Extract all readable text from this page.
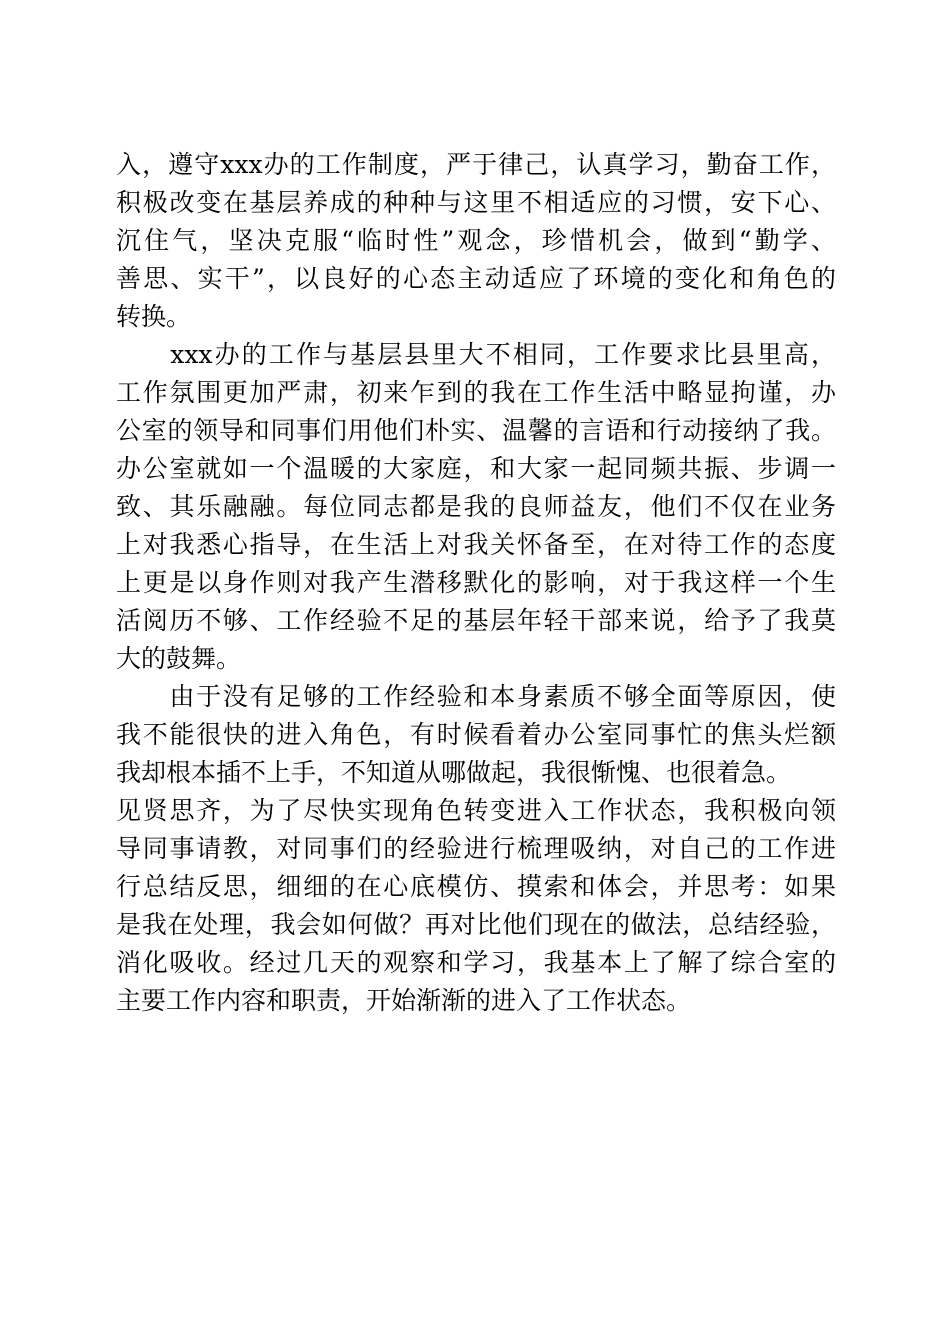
入，遵守xxx办的工作制度，严于律己，认真学习，勤奋工作，
积极改变在基层养成的种种与这里不相适应的习惯，安下心、
沉住气，坚决克服“临时性”观念，珍惜机会，做到“勤学、
善思、实干”，以良好的心态主动适应了环境的变化和角色的
转换。
　　xxx办的工作与基层县里大不相同，工作要求比县里高，
工作氛围更加严肃，初来乍到的我在工作生活中略显拘谨，办
公室的领导和同事们用他们朴实、温馨的言语和行动接纳了我。
办公室就如一个温暖的大家庭，和大家一起同频共振、步调一
致、其乐融融。每位同志都是我的良师益友，他们不仅在业务
上对我悉心指导，在生活上对我关怀备至，在对待工作的态度
上更是以身作则对我产生潜移默化的影响，对于我这样一个生
活阅历不够、工作经验不足的基层年轻干部来说，给予了我莫
大的鼓舞。
　　由于没有足够的工作经验和本身素质不够全面等原因，使
我不能很快的进入角色，有时候看着办公室同事忙的焦头烂额
我却根本插不上手，不知道从哪做起，我很惭愧、也很着急。
见贤思齐，为了尽快实现角色转变进入工作状态，我积极向领
导同事请教，对同事们的经验进行梳理吸纳，对自己的工作进
行总结反思，细细的在心底模仿、摸索和体会，并思考：如果
是我在处理，我会如何做？再对比他们现在的做法，总结经验，
消化吸收。经过几天的观察和学习，我基本上了解了综合室的
主要工作内容和职责，开始渐渐的进入了工作状态。
